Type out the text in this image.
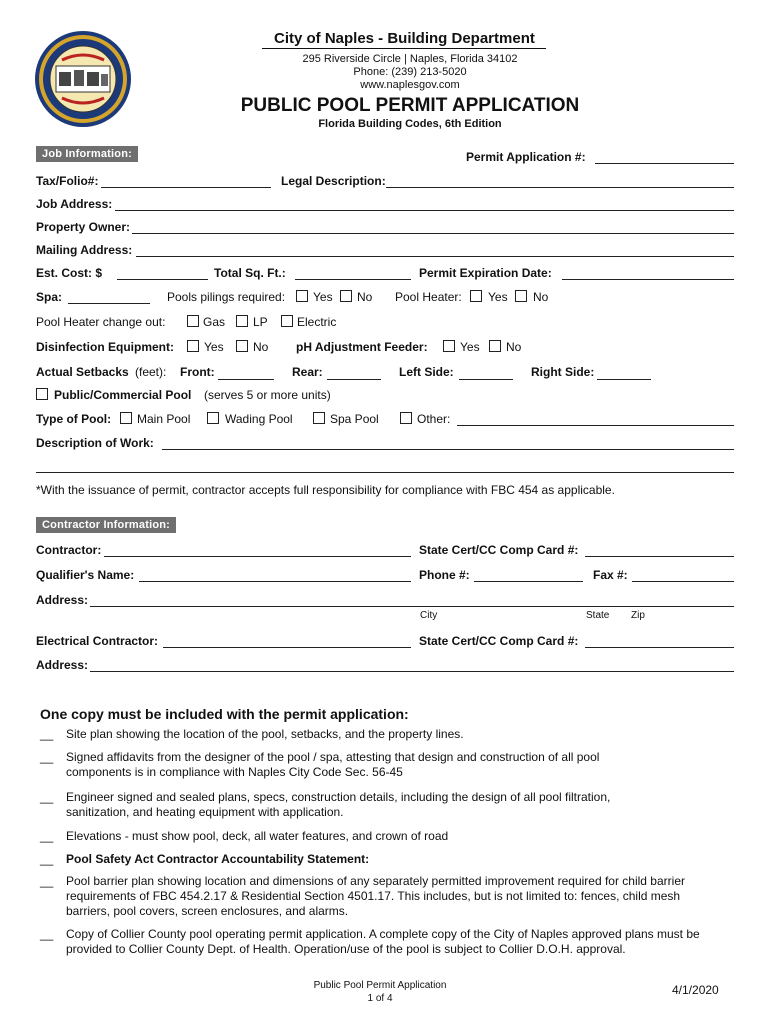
City of Naples - Building Department
295 Riverside Circle | Naples, Florida 34102
Phone: (239) 213-5020
www.naplesgov.com
PUBLIC POOL PERMIT APPLICATION
Florida Building Codes, 6th Edition
Job Information:	Permit Application #:
Tax/Folio#:	Legal Description:
Job Address:
Property Owner:
Mailing Address:
Est. Cost: $	Total Sq. Ft.:	Permit Expiration Date:
Spa:	Pools pilings required: Yes No Pool Heater: Yes No
Pool Heater change out:	Gas LP Electric
Disinfection Equipment:	Yes No pH Adjustment Feeder:	Yes No
Actual Setbacks (feet): Front:	Rear:	Left Side:	Right Side:
Public/Commercial Pool (serves 5 or more units)
Type of Pool: Main Pool	Wading Pool	Spa Pool	Other:
Description of Work:
*With the issuance of permit, contractor accepts full responsibility for compliance with FBC 454 as applicable.
Contractor Information:
Contractor:	State Cert/CC Comp Card #:
Qualifier's Name:	Phone #:	Fax #:
Address:
City	State Zip
Electrical Contractor:	State Cert/CC Comp Card #:
Address:
One copy must be included with the permit application:
__ Site plan showing the location of the pool, setbacks, and the property lines.
__ Signed affidavits from the designer of the pool / spa, attesting that design and construction of all pool components is in compliance with Naples City Code Sec. 56-45
__ Engineer signed and sealed plans, specs, construction details, including the design of all pool filtration, sanitization, and heating equipment with application.
__ Elevations - must show pool, deck, all water features, and crown of road
__ Pool Safety Act Contractor Accountability Statement:
__ Pool barrier plan showing location and dimensions of any separately permitted improvement required for child barrier requirements of FBC 454.2.17 & Residential Section 4501.17. This includes, but is not limited to: fences, child mesh barriers, pool covers, screen enclosures, and alarms.
__ Copy of Collier County pool operating permit application. A complete copy of the City of Naples approved plans must be provided to Collier County Dept. of Health. Operation/use of the pool is subject to Collier D.O.H. approval.
Public Pool Permit Application
1 of 4
4/1/2020
